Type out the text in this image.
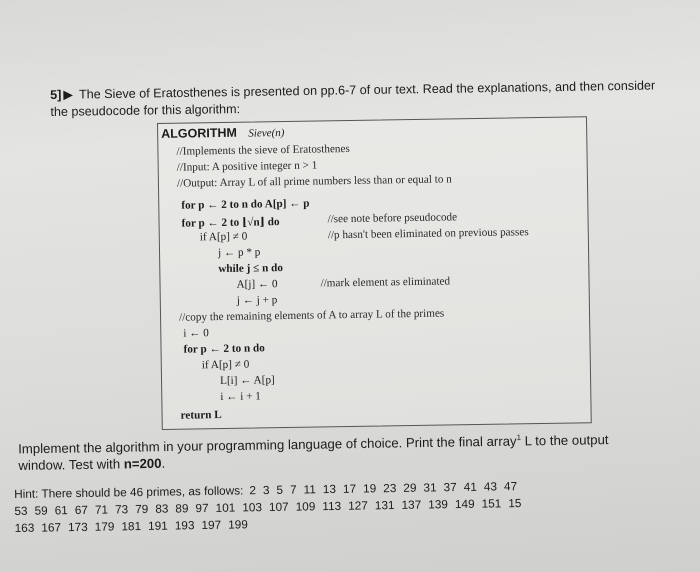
5] ▶ The Sieve of Eratosthenes is presented on pp.6-7 of our text. Read the explanations, and then consider
the pseudocode for this algorithm:
ALGORITHM Sieve(n)
//Implements the sieve of Eratosthenes
//Input: A positive integer n > 1
//Output: Array L of all prime numbers less than or equal to n
for p ← 2 to n do A[p] ← p
for p ← 2 to ⌊√n⌋ do	//see note before pseudocode
if A[p] ≠ 0	//p hasn't been eliminated on previous passes
j ← p * p
while j ≤ n do
A[j] ← 0	//mark element as eliminated
j ← j + p
//copy the remaining elements of A to array L of the primes
i ← 0
for p ← 2 to n do
if A[p] ≠ 0
L[i] ← A[p]
i ← i + 1
return L
Implement the algorithm in your programming language of choice. Print the final array$^1$ L to the output
window. Test with n=200.
Hint: There should be 46 primes, as follows: 2 3 5 7 11 13 17 19 23 29 31 37 41 43 47
53 59 61 67 71 73 79 83 89 97 101 103 107 109 113 127 131 137 139 149 151 15
163 167 173 179 181 191 193 197 199
